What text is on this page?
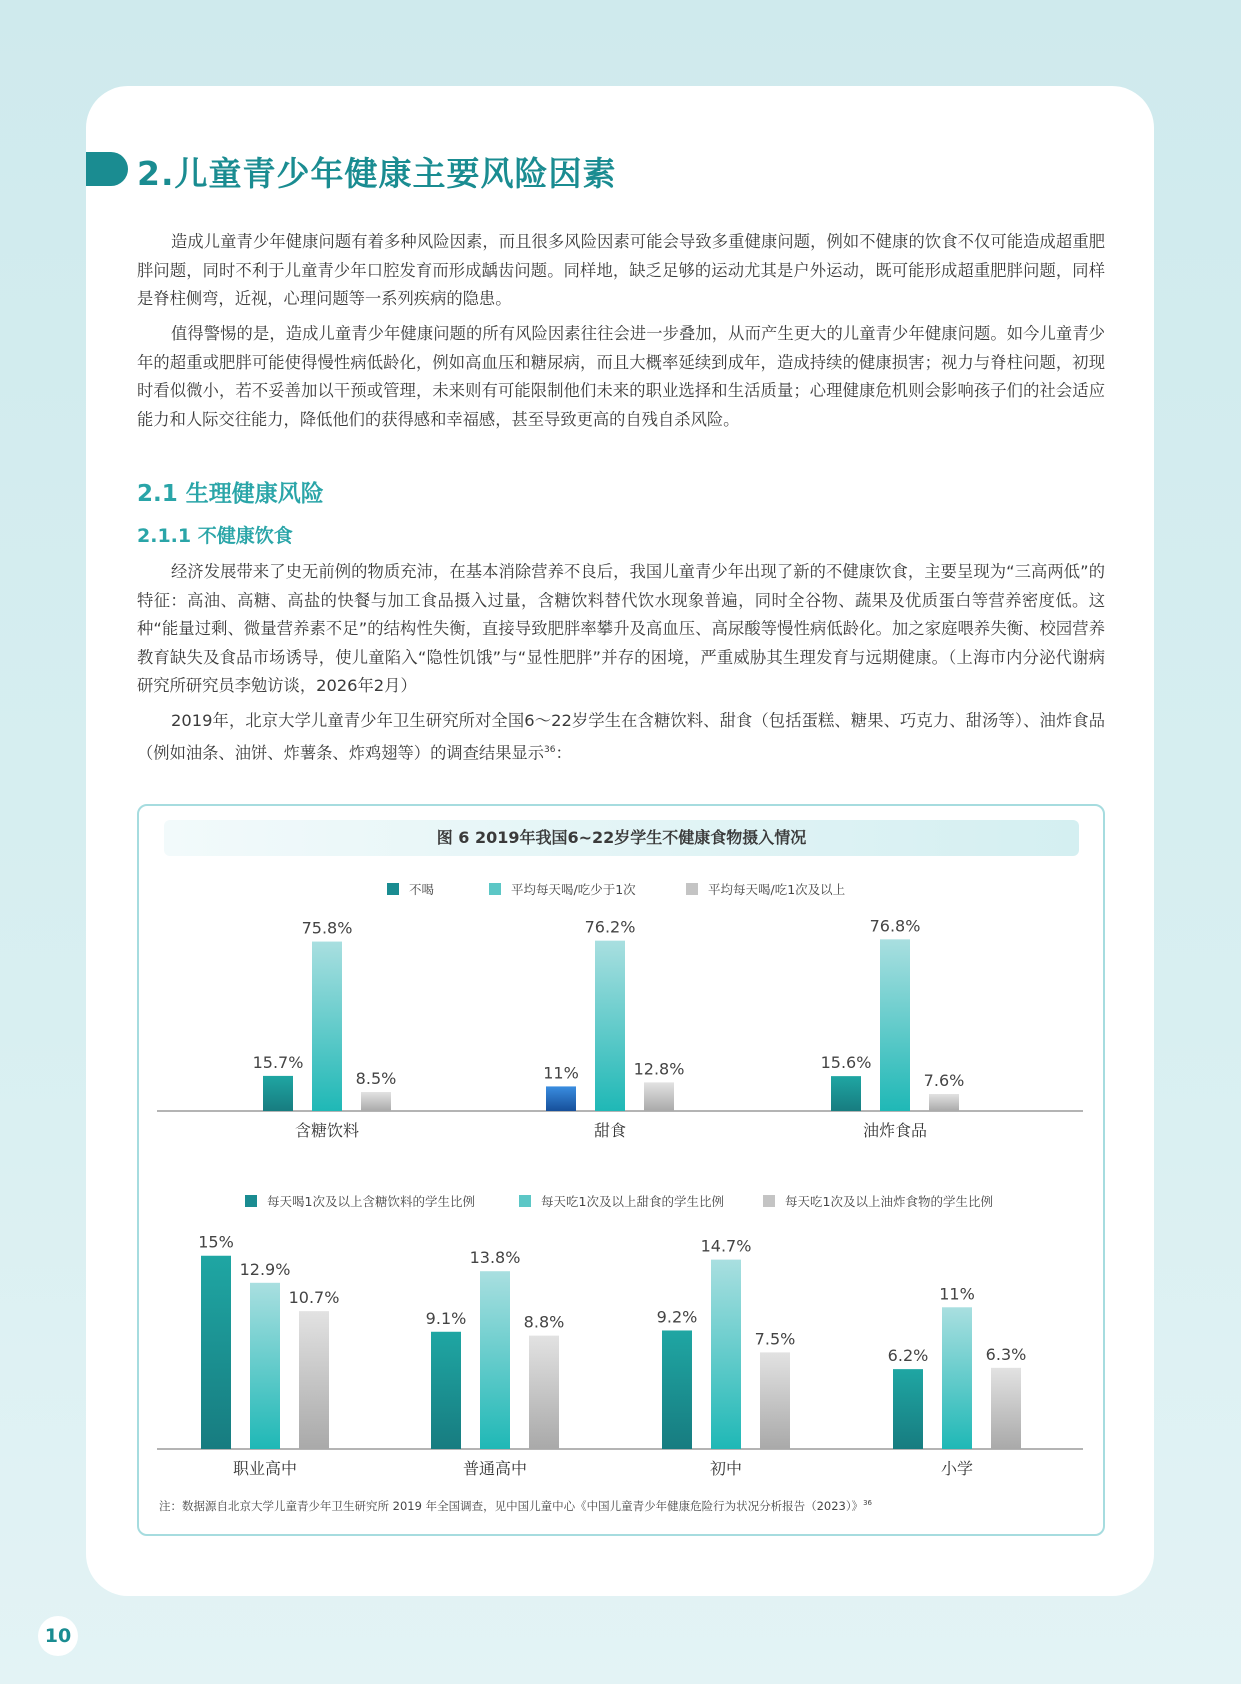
2.儿童青少年健康主要风险因素

造成儿童青少年健康问题有着多种风险因素，而且很多风险因素可能会导致多重健康问题，例如不健康的饮食不仅可能造成超重肥胖问题，同时不利于儿童青少年口腔发育而形成龋齿问题。同样地，缺乏足够的运动尤其是户外运动，既可能形成超重肥胖问题，同样是脊柱侧弯，近视，心理问题等一系列疾病的隐患。

值得警惕的是，造成儿童青少年健康问题的所有风险因素往往会进一步叠加，从而产生更大的儿童青少年健康问题。如今儿童青少年的超重或肥胖可能使得慢性病低龄化，例如高血压和糖尿病，而且大概率延续到成年，造成持续的健康损害；视力与脊柱问题，初现时看似微小，若不妥善加以干预或管理，未来则有可能限制他们未来的职业选择和生活质量；心理健康危机则会影响孩子们的社会适应能力和人际交往能力，降低他们的获得感和幸福感，甚至导致更高的自残自杀风险。

2.1 生理健康风险
2.1.1 不健康饮食

经济发展带来了史无前例的物质充沛，在基本消除营养不良后，我国儿童青少年出现了新的不健康饮食，主要呈现为“三高两低”的特征：高油、高糖、高盐的快餐与加工食品摄入过量，含糖饮料替代饮水现象普遍，同时全谷物、蔬果及优质蛋白等营养密度低。这种“能量过剩、微量营养素不足”的结构性失衡，直接导致肥胖率攀升及高血压、高尿酸等慢性病低龄化。加之家庭喂养失衡、校园营养教育缺失及食品市场诱导，使儿童陷入“隐性饥饿”与“显性肥胖”并存的困境，严重威胁其生理发育与远期健康。（上海市内分泌代谢病研究所研究员李勉访谈，2026年2月）

2019年，北京大学儿童青少年卫生研究所对全国6～22岁学生在含糖饮料、甜食（包括蛋糕、糖果、巧克力、甜汤等）、油炸食品（例如油条、油饼、炸薯条、炸鸡翅等）的调查结果显示$^{36}$：

图 6 2019年我国6~22岁学生不健康食物摄入情况
不喝	平均每天喝/吃少于1次	平均每天喝/吃1次及以上
每天喝1次及以上含糖饮料的学生比例	每天吃1次及以上甜食的学生比例	每天吃1次及以上油炸食物的学生比例
15.7%
75.8%
8.5%
含糖饮料
11%
76.2%
12.8%
甜食
15.6%
76.8%
7.6%
油炸食品
15%
12.9%
10.7%
职业高中
9.1%
13.8%
8.8%
普通高中
9.2%
14.7%
7.5%
初中
6.2%
11%
6.3%
小学
注：数据源自北京大学儿童青少年卫生研究所 2019 年全国调查，见中国儿童中心《中国儿童青少年健康危险行为状况分析报告（2023）》$^{36}$
10
